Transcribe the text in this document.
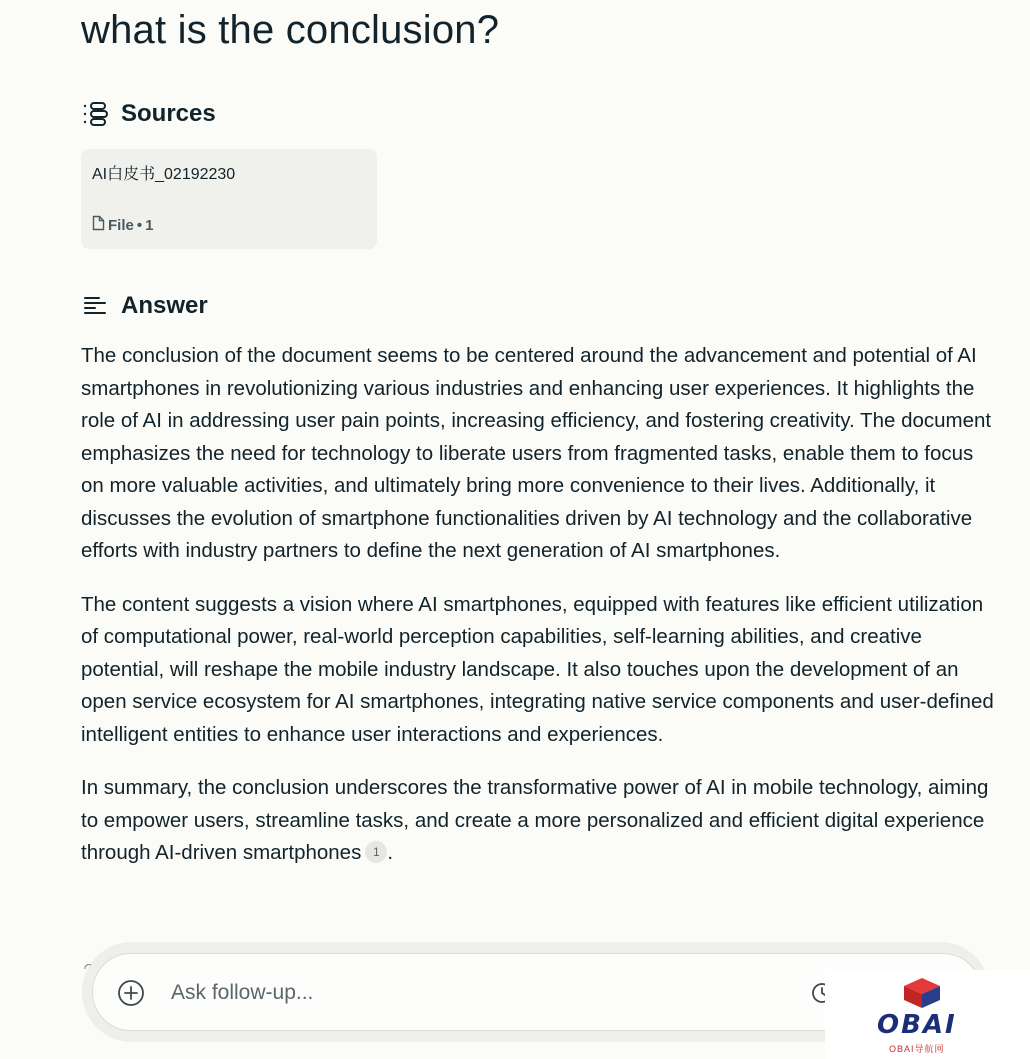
what is the conclusion?
Sources
AI白皮书_02192230
File • 1
Answer

The conclusion of the document seems to be centered around the advancement and potential of AI smartphones in revolutionizing various industries and enhancing user experiences. It highlights the role of AI in addressing user pain points, increasing efficiency, and fostering creativity. The document emphasizes the need for technology to liberate users from fragmented tasks, enable them to focus on more valuable activities, and ultimately bring more convenience to their lives. Additionally, it discusses the evolution of smartphone functionalities driven by AI technology and the collaborative efforts with industry partners to define the next generation of AI smartphones.

The content suggests a vision where AI smartphones, equipped with features like efficient utilization of computational power, real-world perception capabilities, self-learning abilities, and creative potential, will reshape the mobile industry landscape. It also touches upon the development of an open service ecosystem for AI smartphones, integrating native service components and user-defined intelligent entities to enhance user interactions and experiences.

In summary, the conclusion underscores the transformative power of AI in mobile technology, aiming to empower users, streamline tasks, and create a more personalized and efficient digital experience through AI-driven smartphones 1 .

Ask follow-up...
OBAI
OBAI导航网
